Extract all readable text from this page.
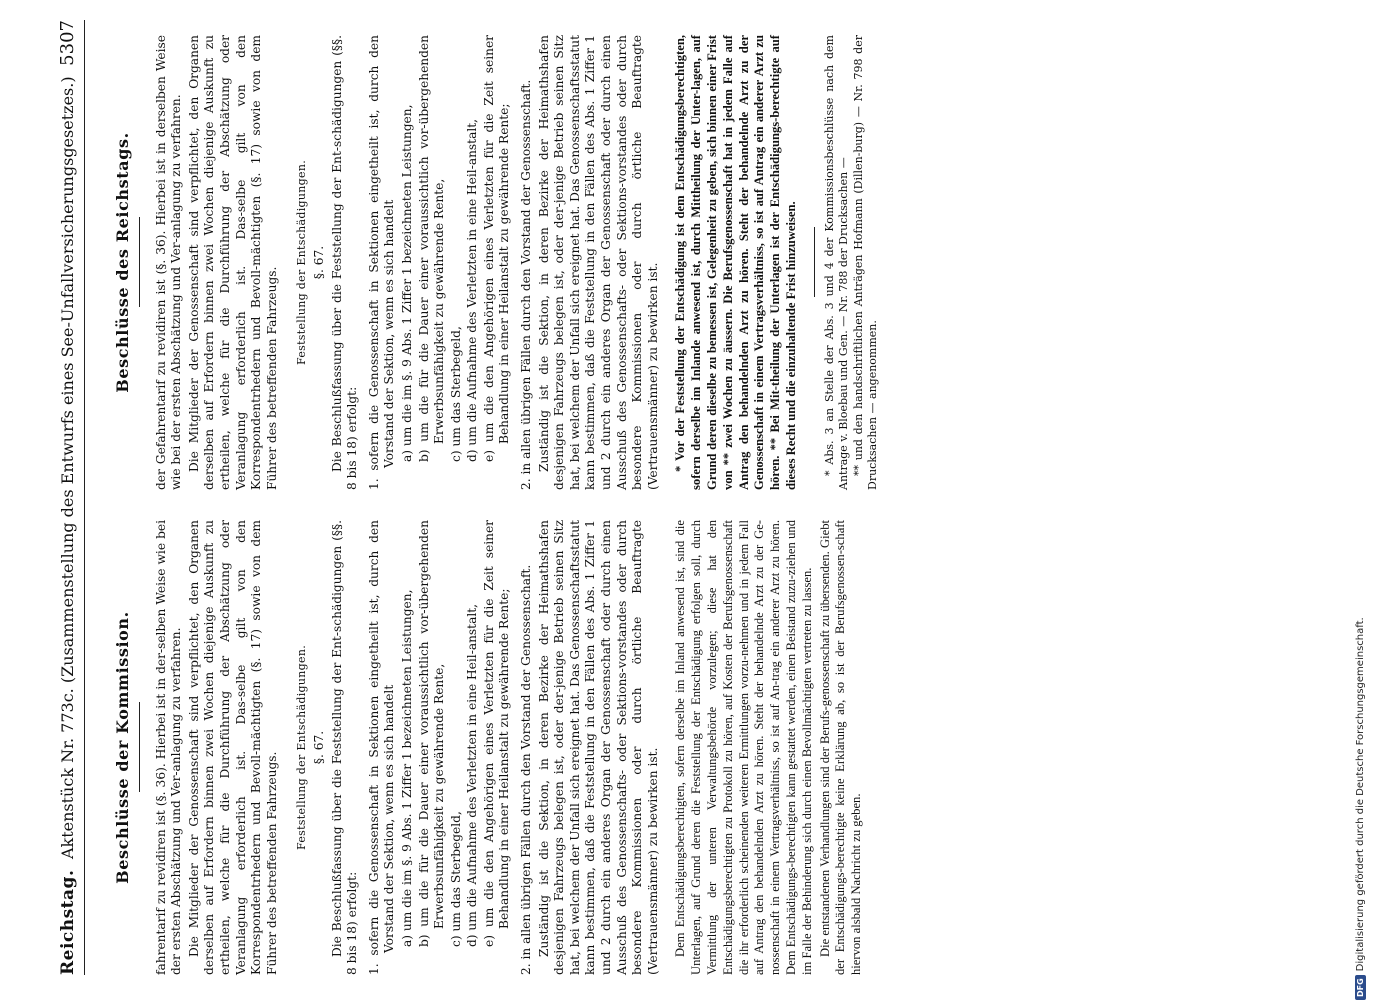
Reichstag.
Aktenstück Nr. 773c. (Zusammenstellung des Entwurfs eines See-Unfallversicherungsgesetzes.)
5307
Beschlüsse der Kommission. fahrentarif zu revidiren ist (§. 36). Hierbei ist in der-selben Weise wie bei der ersten Abschätzung und Ver-anlagung zu verfahren. Die Mitglieder der Genossenschaft sind verpflichtet, den Organen derselben auf Erfordern binnen zwei Wochen diejenige Auskunft zu ertheilen, welche für die Durchführung der Abschätzung oder Veranlagung erforderlich ist. Das-selbe gilt von den Korrespondentrhedern und Bevoll-mächtigten (§. 17) sowie von dem Führer des betreffenden Fahrzeugs.

Feststellung der Entschädigungen. §. 67. Die Beschlußfassung über die Feststellung der Ent-schädigungen (§§. 8 bis 18) erfolgt: 1. sofern die Genossenschaft in Sektionen eingetheilt ist, durch den Vorstand der Sektion, wenn es sich handelt a) um die im §. 9 Abs. 1 Ziffer 1 bezeichneten Leistungen, b) um die für die Dauer einer voraussichtlich vor-übergehenden Erwerbsunfähigkeit zu gewährende Rente, c) um das Sterbegeld, d) um die Aufnahme des Verletzten in eine Heil-anstalt, e) um die den Angehörigen eines Verletzten für die Zeit seiner Behandlung in einer Heilanstalt zu gewährende Rente; 2. in allen übrigen Fällen durch den Vorstand der Genossenschaft. Zuständig ist die Sektion, in deren Bezirke der Heimathshafen desjenigen Fahrzeugs belegen ist, oder der-jenige Betrieb seinen Sitz hat, bei welchem der Unfall sich ereignet hat. Das Genossenschaftsstatut kann bestimmen, daß die Feststellung in den Fällen des Abs. 1 Ziffer 1 und 2 durch ein anderes Organ der Genossenschaft oder durch einen Ausschuß des Genossenschafts- oder Sektions-vorstandes oder durch besondere Kommissionen oder durch örtliche Beauftragte (Vertrauensmänner) zu bewirken ist. Dem Entschädigungsberechtigten, sofern derselbe im Inland anwesend ist, sind die Unterlagen, auf Grund deren die Feststellung der Entschädigung erfolgen soll, durch Vermittlung der unteren Verwaltungsbehörde vorzulegen; diese hat den Entschädigungsberechtigten zu Protokoll zu hören, auf Kosten der Berufsgenossenschaft die ihr erforderlich scheinenden weiteren Ermittlungen vorzu-nehmen und in jedem Fall auf Antrag den behandelnden Arzt zu hören. Steht der behandelnde Arzt zu der Ge-nossenschaft in einem Vertragsverhältniss, so ist auf An-trag ein anderer Arzt zu hören. Dem Entschädigungs-berechtigten kann gestattet werden, einen Beistand zuzu-ziehen und im Falle der Behinderung sich durch einen Bevollmächtigten vertreten zu lassen. Die entstandenen Verhandlungen sind der Berufs-genossenschaft zu übersenden. Giebt der Entschädigungs-berechtigte keine Erklärung ab, so ist der Berufsgenossen-schaft hiervon alsbald Nachricht zu geben.

Beschlüsse des Reichstags. der Gefahrentarif zu revidiren ist (§. 36). Hierbei ist in derselben Weise wie bei der ersten Abschätzung und Ver-anlagung zu verfahren. Die Mitglieder der Genossenschaft sind verpflichtet, den Organen derselben auf Erfordern binnen zwei Wochen diejenige Auskunft zu ertheilen, welche für die Durchführung der Abschätzung oder Veranlagung erforderlich ist. Das-selbe gilt von den Korrespondentrhedern und Bevoll-mächtigten (§. 17) sowie von dem Führer des betreffenden Fahrzeugs.

Feststellung der Entschädigungen. §. 67. Die Beschlußfassung über die Feststellung der Ent-schädigungen (§§. 8 bis 18) erfolgt: 1. sofern die Genossenschaft in Sektionen eingetheilt ist, durch den Vorstand der Sektion, wenn es sich handelt a) um die im §. 9 Abs. 1 Ziffer 1 bezeichneten Leistungen, b) um die für die Dauer einer voraussichtlich vor-übergehenden Erwerbsunfähigkeit zu gewährende Rente, c) um das Sterbegeld, d) um die Aufnahme des Verletzten in eine Heil-anstalt, e) um die den Angehörigen eines Verletzten für die Zeit seiner Behandlung in einer Heilanstalt zu gewährende Rente; 2. in allen übrigen Fällen durch den Vorstand der Genossenschaft. Zuständig ist die Sektion, in deren Bezirke der Heimathshafen desjenigen Fahrzeugs belegen ist, oder der-jenige Betrieb seinen Sitz hat, bei welchem der Unfall sich ereignet hat. Das Genossenschaftsstatut kann bestimmen, daß die Feststellung in den Fällen des Abs. 1 Ziffer 1 und 2 durch ein anderes Organ der Genossenschaft oder durch einen Ausschuß des Genossenschafts- oder Sektions-vorstandes oder durch besondere Kommissionen oder durch örtliche Beauftragte (Vertrauensmänner) zu bewirken ist. * Vor der Feststellung der Entschädigung ist dem Entschädigungsberechtigten, sofern derselbe im Inlande anwesend ist, durch Mittheilung der Unter-lagen, auf Grund deren dieselbe zu bemessen ist, Gelegenheit zu geben, sich binnen einer Frist von ** zwei Wochen zu äussern. Die Berufsgenossenschaft hat in jedem Falle auf Antrag den behandelnden Arzt zu hören. Steht der behandelnde Arzt zu der Genossenschaft in einem Vertragsverhältniss, so ist auf Antrag ein anderer Arzt zu hören. ** Bei Mit-theilung der Unterlagen ist der Entschädigungs-berechtigte auf dieses Recht und die einzuhaltende Frist hinzuweisen. * Abs. 3 an Stelle der Abs. 3 und 4 der Kommissionsbeschlüsse nach dem Antrage v. Bloebau und Gen. — Nr. 788 der Drucksachen — ** und den handschriftlichen Anträgen Hofmann (Dillen-burg) — Nr. 798 der Drucksachen — angenommen.

DFG
Digitalisierung gefördert durch die Deutsche Forschungsgemeinschaft.
